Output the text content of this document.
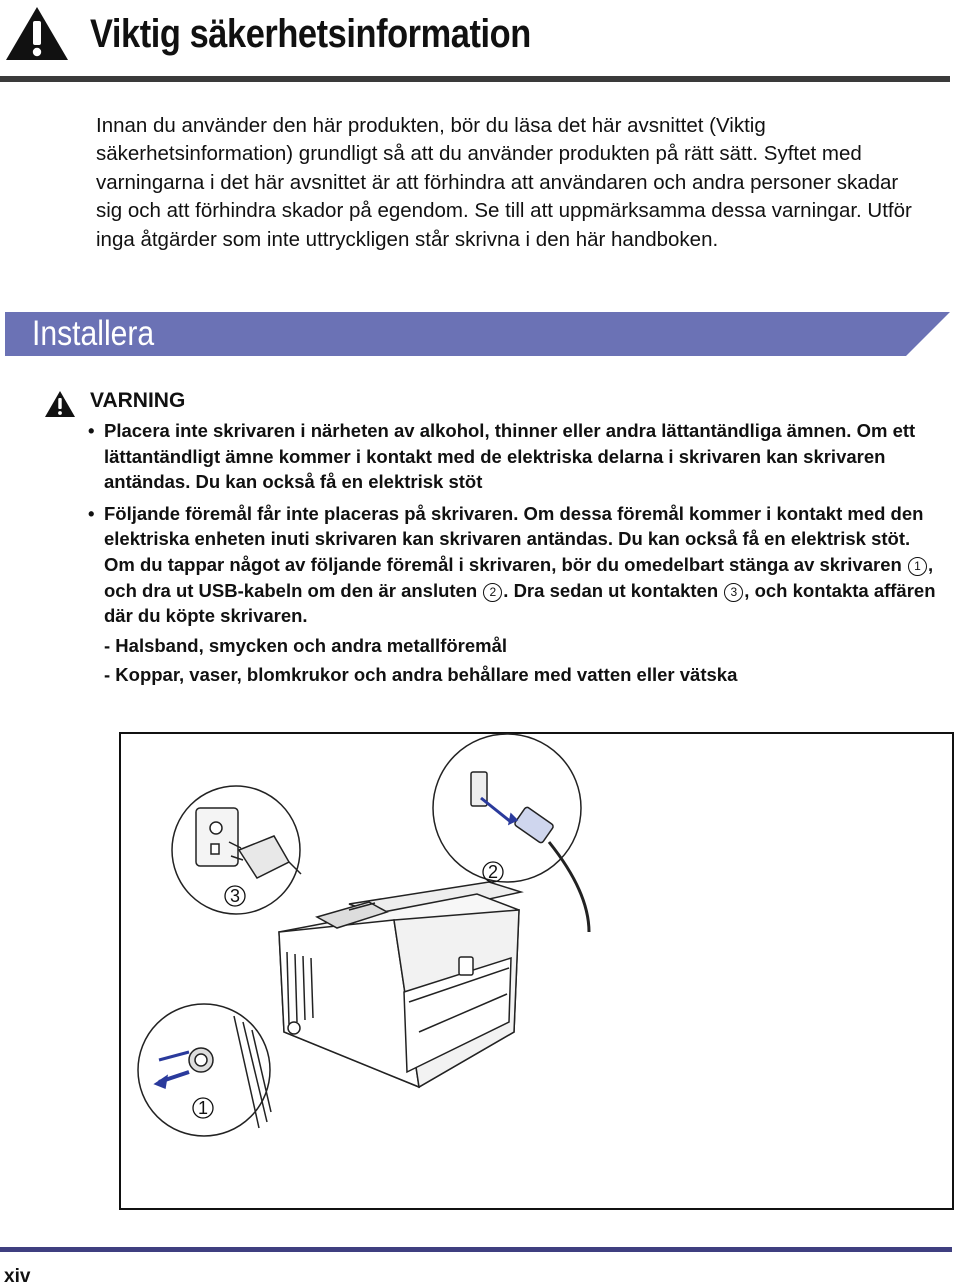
Viktig säkerhetsinformation
Innan du använder den här produkten, bör du läsa det här avsnittet (Viktig säkerhetsinformation) grundligt så att du använder produkten på rätt sätt. Syftet med varningarna i det här avsnittet är att förhindra att användaren och andra personer skadar sig och att förhindra skador på egendom. Se till att uppmärksamma dessa varningar. Utför inga åtgärder som inte uttryckligen står skrivna i den här handboken.
Installera
VARNING
• Placera inte skrivaren i närheten av alkohol, thinner eller andra lättantändliga ämnen. Om ett lättantändligt ämne kommer i kontakt med de elektriska delarna i skrivaren kan skrivaren antändas. Du kan också få en elektrisk stöt
• Följande föremål får inte placeras på skrivaren. Om dessa föremål kommer i kontakt med den elektriska enheten inuti skrivaren kan skrivaren antändas. Du kan också få en elektrisk stöt.
Om du tappar något av följande föremål i skrivaren, bör du omedelbart stänga av skrivaren 1 , och dra ut USB-kabeln om den är ansluten 2 . Dra sedan ut kontakten 3 , och kontakta affären där du köpte skrivaren.
- Halsband, smycken och andra metallföremål
- Koppar, vaser, blomkrukor och andra behållare med vatten eller vätska
3
2
1
xiv
